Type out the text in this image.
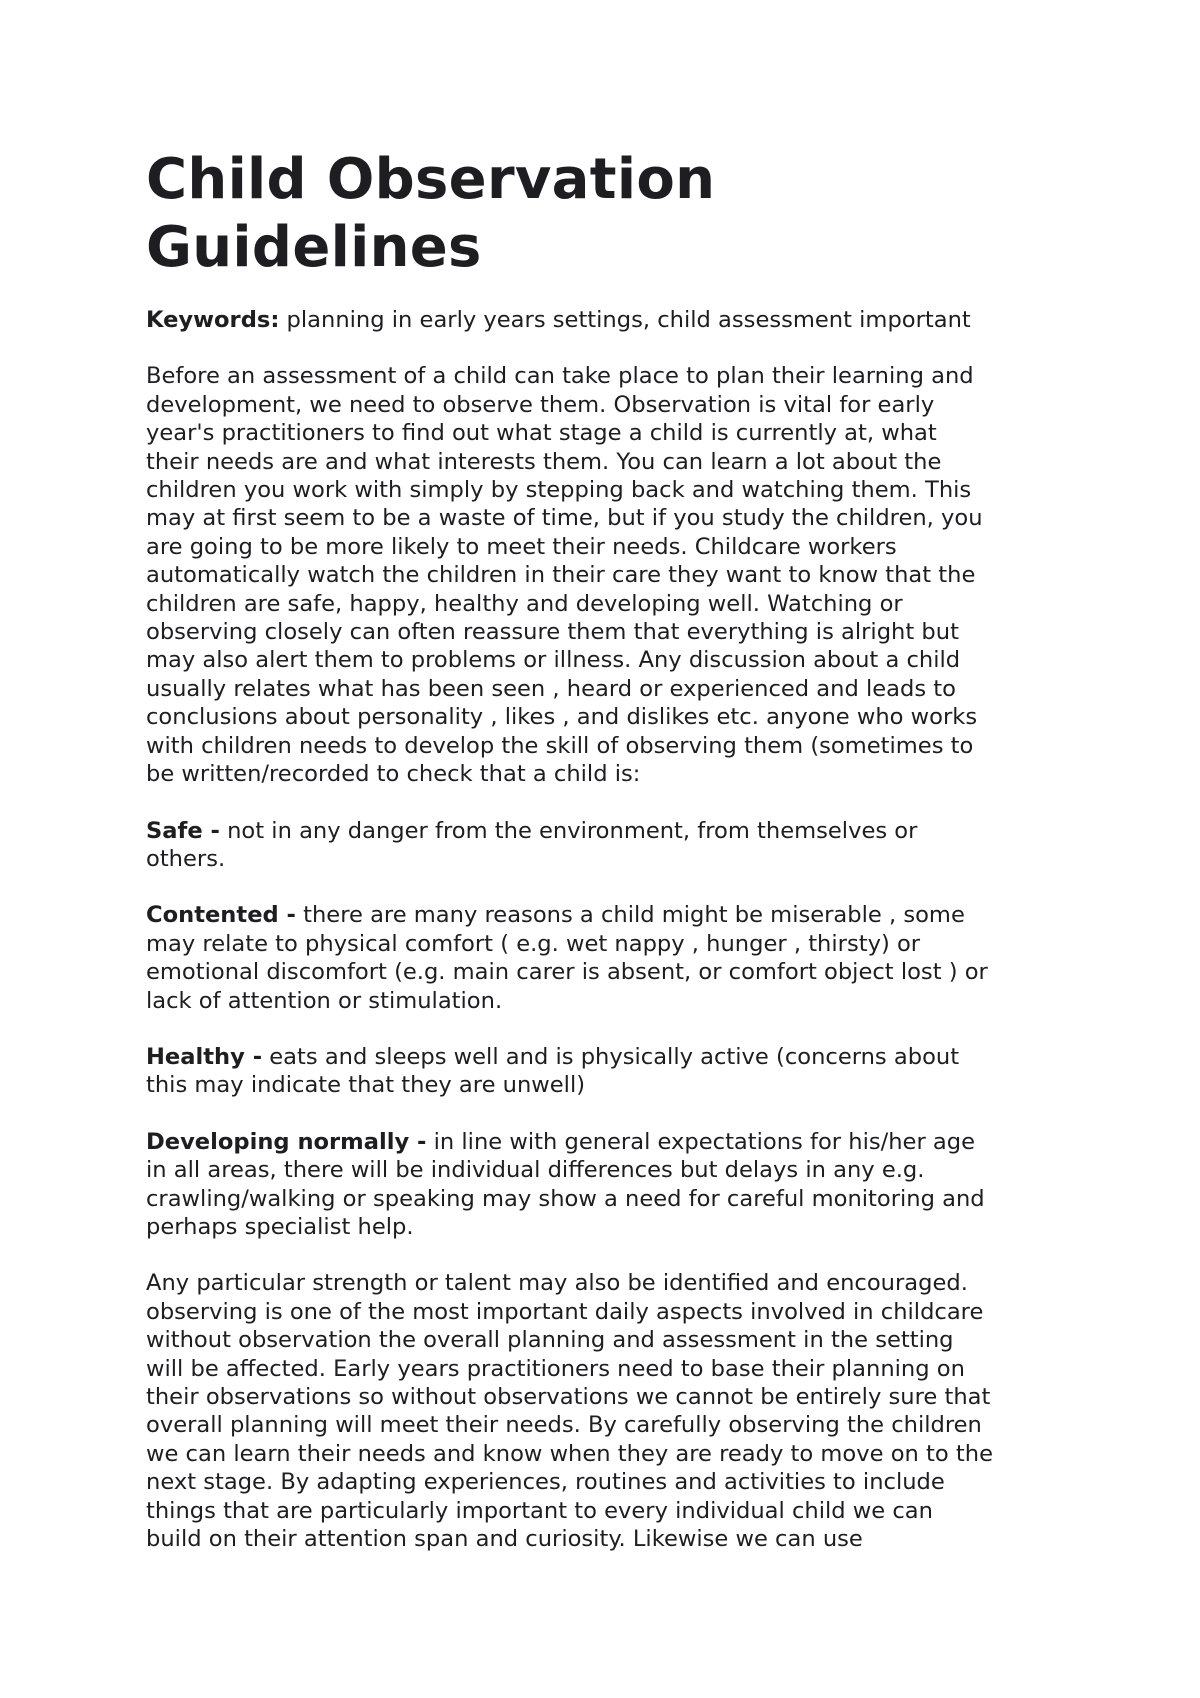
Child Observation
Guidelines

Keywords: planning in early years settings, child assessment important

Before an assessment of a child can take place to plan their learning and
development, we need to observe them. Observation is vital for early
year's practitioners to find out what stage a child is currently at, what
their needs are and what interests them. You can learn a lot about the
children you work with simply by stepping back and watching them. This
may at first seem to be a waste of time, but if you study the children, you
are going to be more likely to meet their needs. Childcare workers
automatically watch the children in their care they want to know that the
children are safe, happy, healthy and developing well. Watching or
observing closely can often reassure them that everything is alright but
may also alert them to problems or illness. Any discussion about a child
usually relates what has been seen , heard or experienced and leads to
conclusions about personality , likes , and dislikes etc. anyone who works
with children needs to develop the skill of observing them (sometimes to
be written/recorded to check that a child is:

Safe - not in any danger from the environment, from themselves or
others.

Contented - there are many reasons a child might be miserable , some
may relate to physical comfort ( e.g. wet nappy , hunger , thirsty) or
emotional discomfort (e.g. main carer is absent, or comfort object lost ) or
lack of attention or stimulation.

Healthy - eats and sleeps well and is physically active (concerns about
this may indicate that they are unwell)

Developing normally - in line with general expectations for his/her age
in all areas, there will be individual differences but delays in any e.g.
crawling/walking or speaking may show a need for careful monitoring and
perhaps specialist help.

Any particular strength or talent may also be identified and encouraged.
observing is one of the most important daily aspects involved in childcare
without observation the overall planning and assessment in the setting
will be affected. Early years practitioners need to base their planning on
their observations so without observations we cannot be entirely sure that
overall planning will meet their needs. By carefully observing the children
we can learn their needs and know when they are ready to move on to the
next stage. By adapting experiences, routines and activities to include
things that are particularly important to every individual child we can
build on their attention span and curiosity. Likewise we can use
